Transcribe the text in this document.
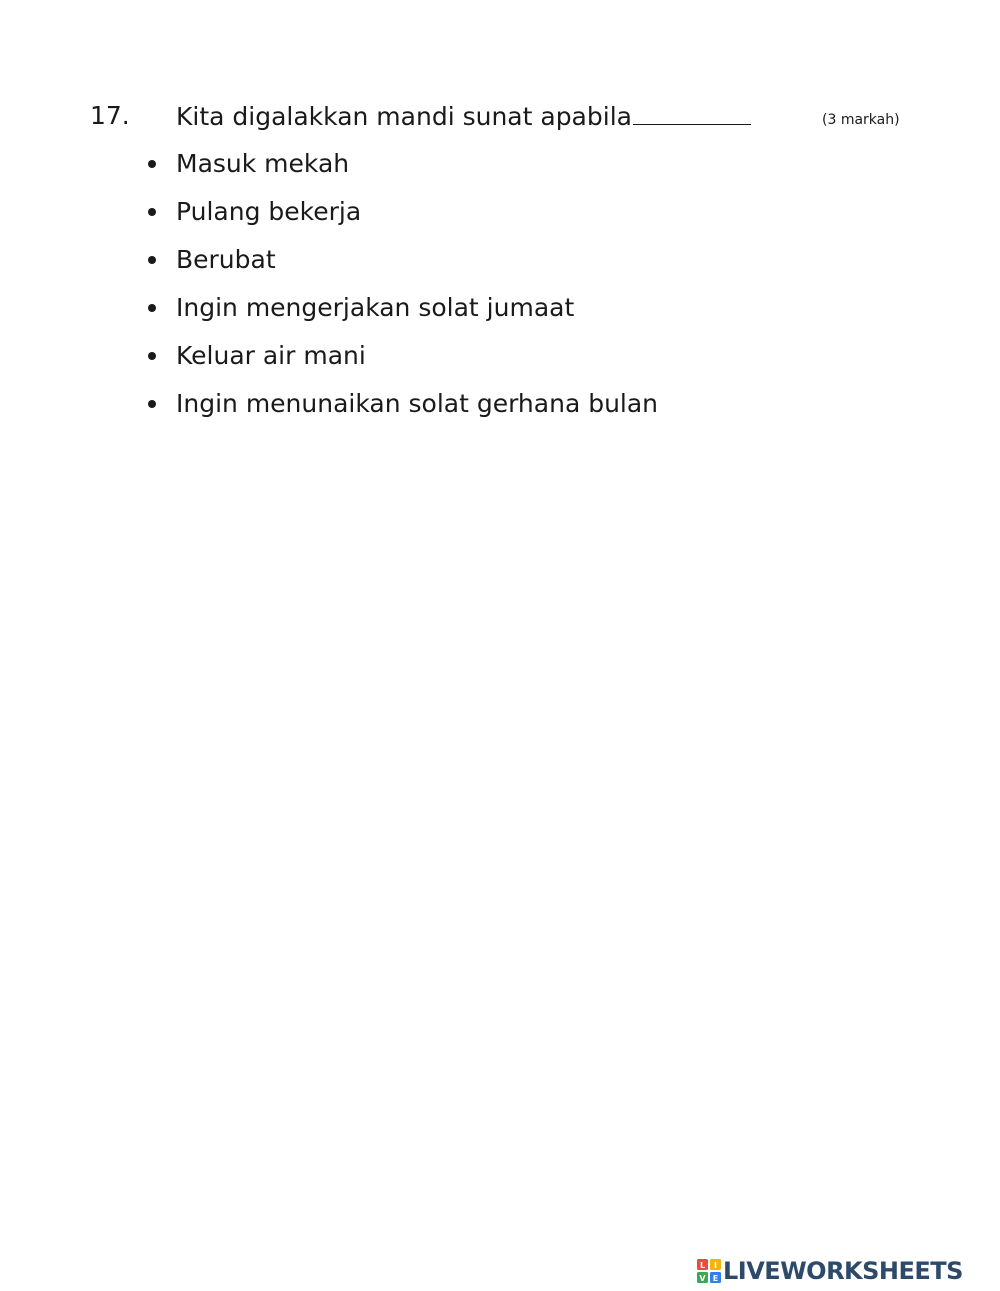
17. Kita digalakkan mandi sunat apabila	(3 markah)
Masuk mekah
Pulang bekerja
Berubat
Ingin mengerjakan solat jumaat
Keluar air mani
Ingin menunaikan solat gerhana bulan
L I
V E LIVEWORKSHEETS
